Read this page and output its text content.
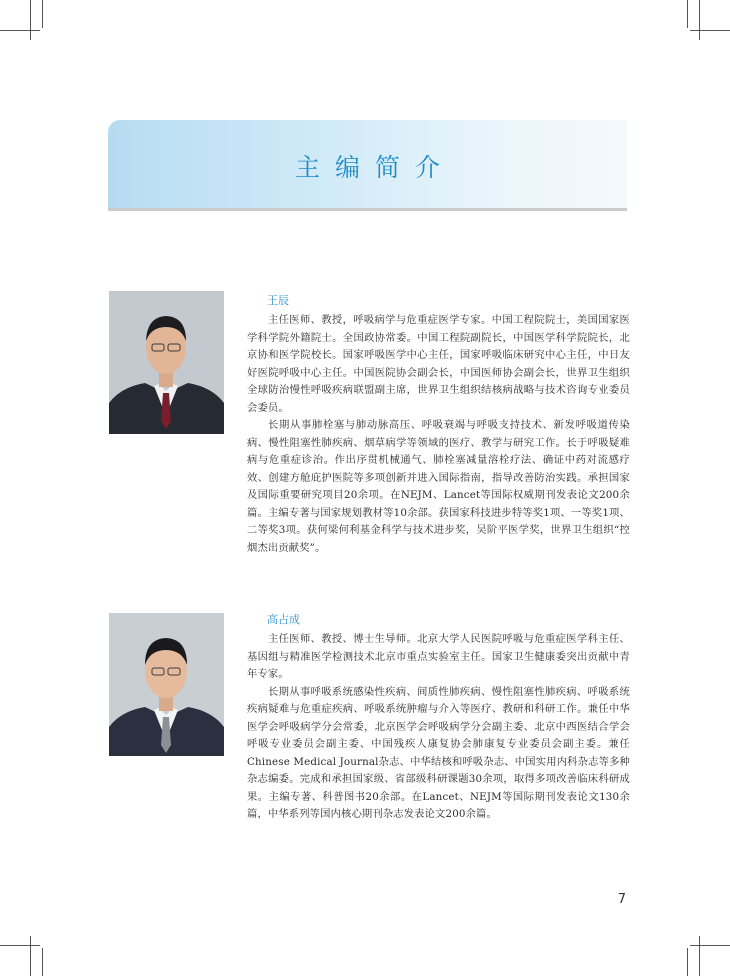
主编简介
王辰

主任医师、教授，呼吸病学与危重症医学专家。中国工程院院士，美国国家医学科学院外籍院士。全国政协常委。中国工程院副院长，中国医学科学院院长，北京协和医学院校长。国家呼吸医学中心主任，国家呼吸临床研究中心主任，中日友好医院呼吸中心主任。中国医院协会副会长，中国医师协会副会长，世界卫生组织全球防治慢性呼吸疾病联盟副主席，世界卫生组织结核病战略与技术咨询专业委员会委员。

长期从事肺栓塞与肺动脉高压、呼吸衰竭与呼吸支持技术、新发呼吸道传染病、慢性阻塞性肺疾病、烟草病学等领域的医疗、教学与研究工作。长于呼吸疑难病与危重症诊治。作出序贯机械通气、肺栓塞减量溶栓疗法、确证中药对流感疗效、创建方舱庇护医院等多项创新并进入国际指南，指导改善防治实践。承担国家及国际重要研究项目20余项。在NEJM、Lancet等国际权威期刊发表论文200余篇。主编专著与国家规划教材等10余部。获国家科技进步特等奖1项、一等奖1项、二等奖3项。获何梁何利基金科学与技术进步奖，吴阶平医学奖，世界卫生组织“控烟杰出贡献奖”。

高占成

主任医师、教授、博士生导师。北京大学人民医院呼吸与危重症医学科主任、基因组与精准医学检测技术北京市重点实验室主任。国家卫生健康委突出贡献中青年专家。

长期从事呼吸系统感染性疾病、间质性肺疾病、慢性阻塞性肺疾病、呼吸系统疾病疑难与危重症疾病、呼吸系统肿瘤与介入等医疗、教研和科研工作。兼任中华医学会呼吸病学分会常委，北京医学会呼吸病学分会副主委、北京中西医结合学会呼吸专业委员会副主委、中国残疾人康复协会肺康复专业委员会副主委。兼任Chinese Medical Journal杂志、中华结核和呼吸杂志、中国实用内科杂志等多种杂志编委。完成和承担国家级、省部级科研课题30余项，取得多项改善临床科研成果。主编专著、科普图书20余部。在Lancet、NEJM等国际期刊发表论文130余篇，中华系列等国内核心期刊杂志发表论文200余篇。

7
